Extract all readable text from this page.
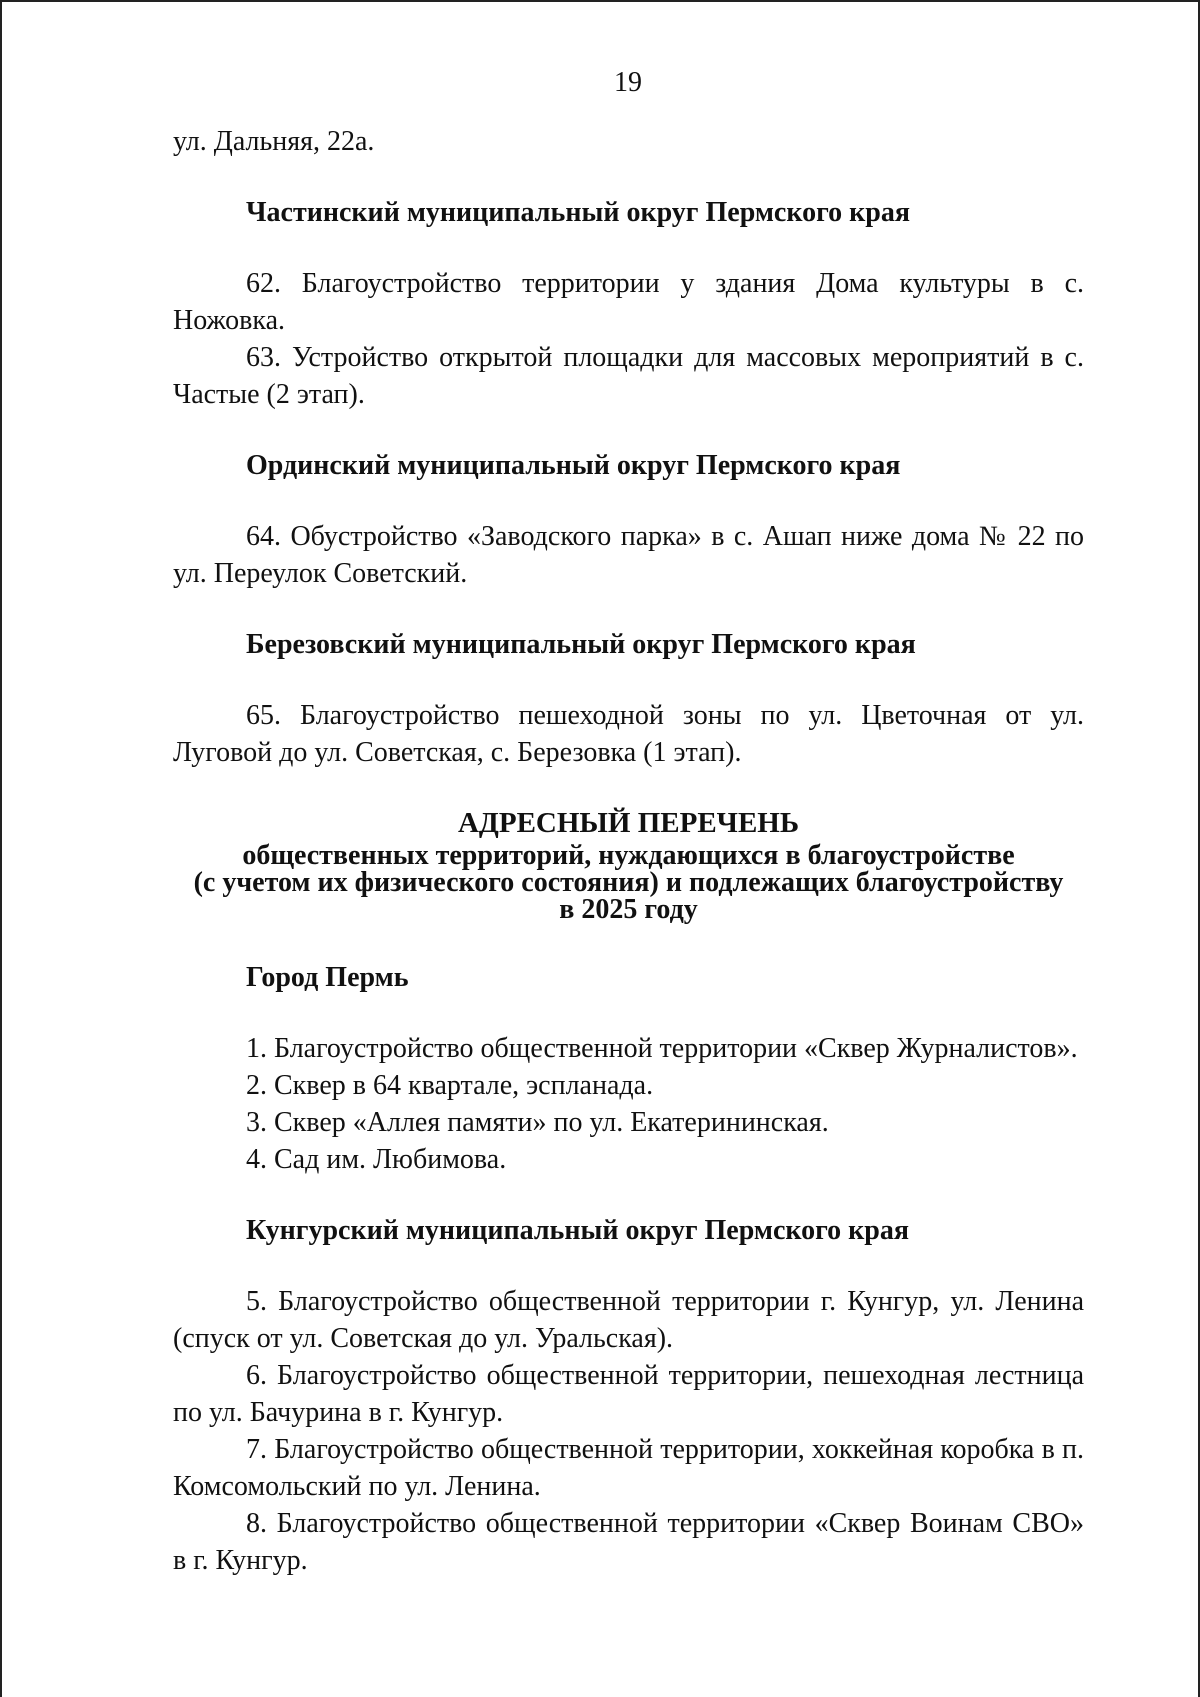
19

ул. Дальняя, 22а.

Частинский муниципальный округ Пермского края

62. Благоустройство территории у здания Дома культуры в с. Ножовка.

63. Устройство открытой площадки для массовых мероприятий в с. Частые (2 этап).

Ординский муниципальный округ Пермского края

64. Обустройство «Заводского парка» в с. Ашап ниже дома № 22 по ул. Переулок Советский.

Березовский муниципальный округ Пермского края

65. Благоустройство пешеходной зоны по ул. Цветочная от ул. Луговой до ул. Советская, с. Березовка (1 этап).

АДРЕСНЫЙ ПЕРЕЧЕНЬ

общественных территорий, нуждающихся в благоустройстве

(с учетом их физического состояния) и подлежащих благоустройству

в 2025 году

Город Пермь

1. Благоустройство общественной территории «Сквер Журналистов».

2. Сквер в 64 квартале, эспланада.

3. Сквер «Аллея памяти» по ул. Екатерининская.

4. Сад им. Любимова.

Кунгурский муниципальный округ Пермского края

5. Благоустройство общественной территории г. Кунгур, ул. Ленина (спуск от ул. Советская до ул. Уральская).

6. Благоустройство общественной территории, пешеходная лестница по ул. Бачурина в г. Кунгур.

7. Благоустройство общественной территории, хоккейная коробка в п. Комсомольский по ул. Ленина.

8. Благоустройство общественной территории «Сквер Воинам СВО» в г. Кунгур.
